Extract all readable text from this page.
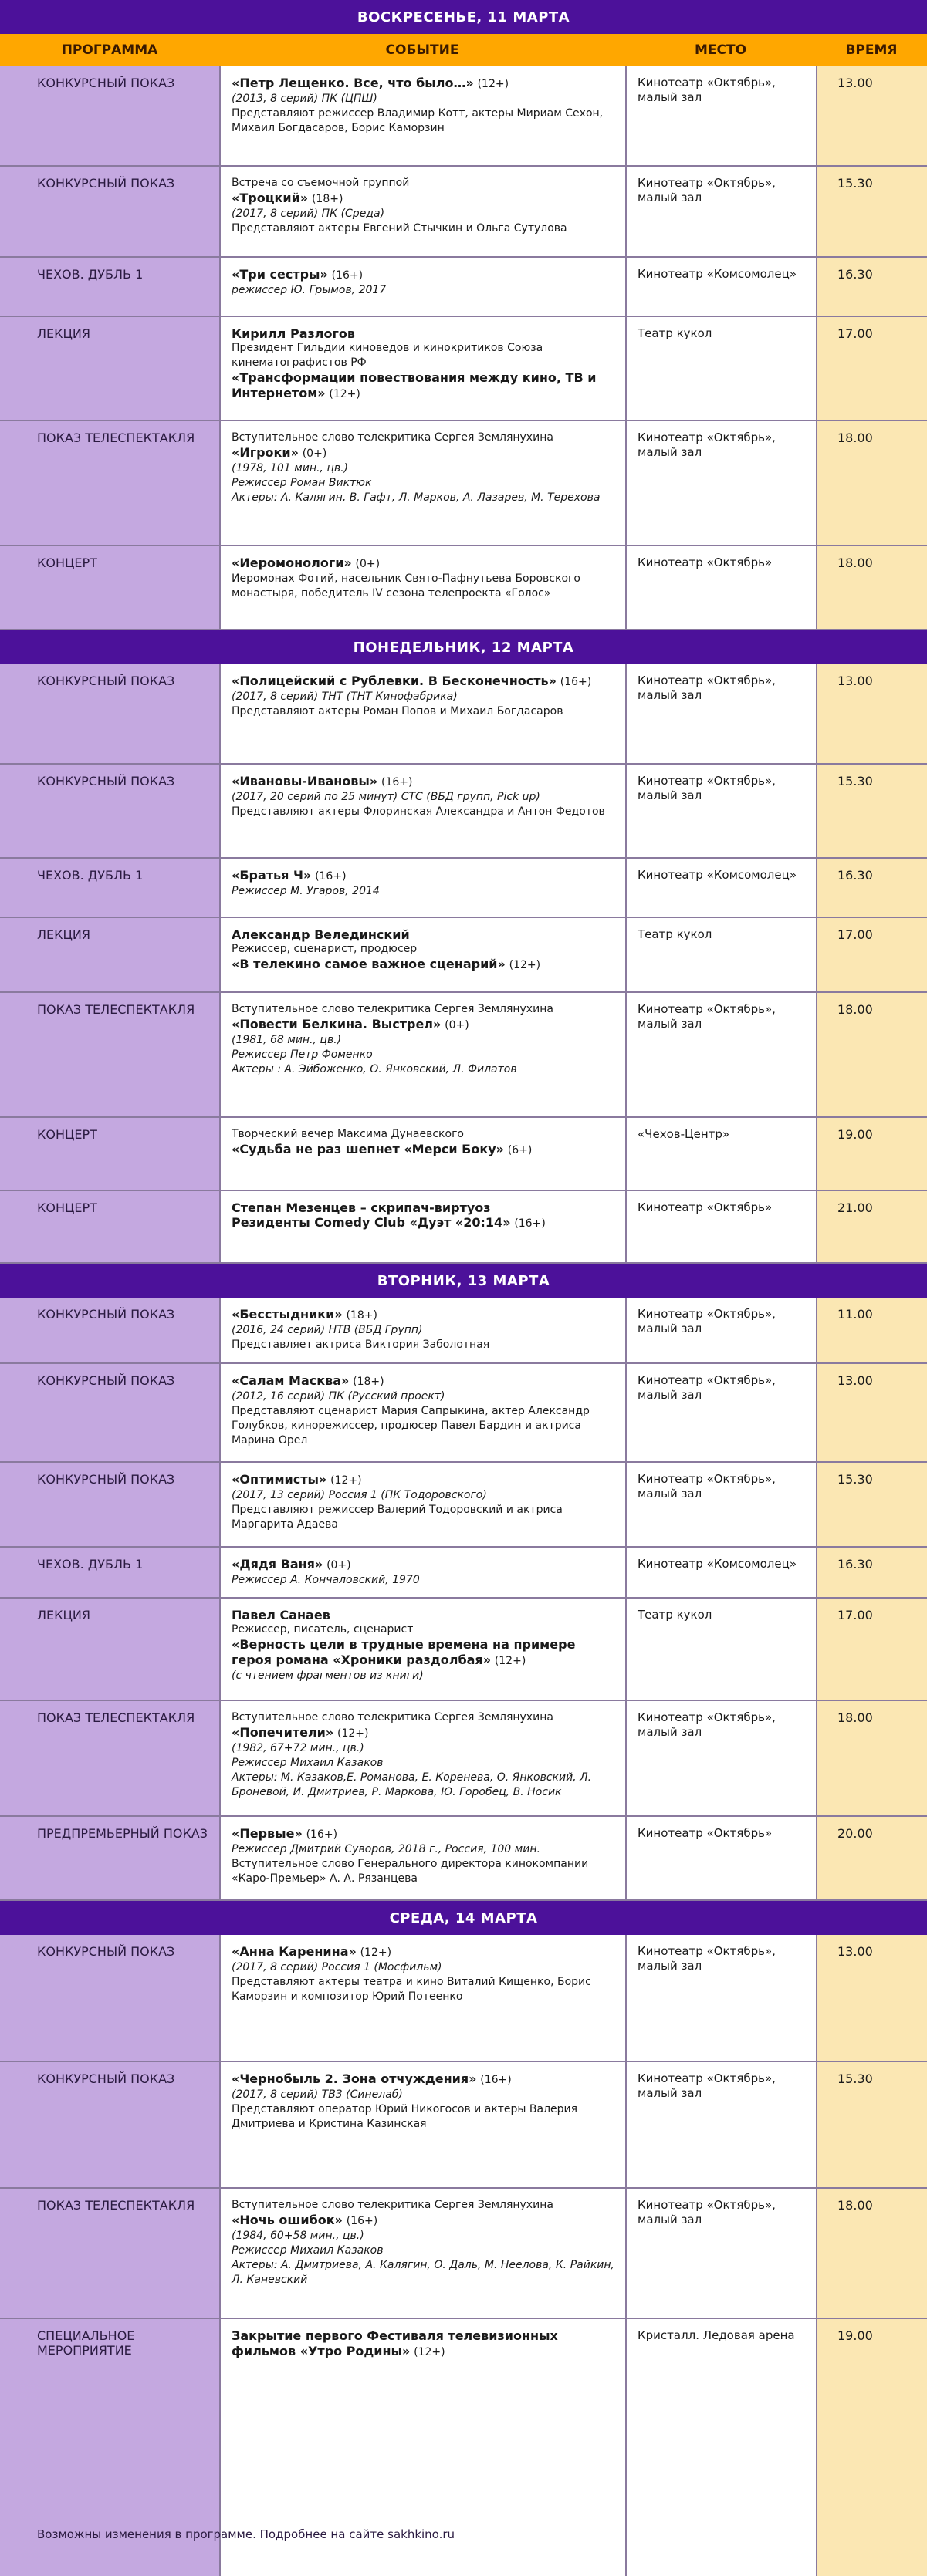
ВОСКРЕСЕНЬЕ, 11 МАРТА
ПРОГРАММА	СОБЫТИЕ	МЕСТО	ВРЕМЯ
КОНКУРСНЫЙ ПОКАЗ	«Петр Лещенко. Все, что было…» (12+)
(2013, 8 серий) ПК (ЦПШ)
Представляют режиссер Владимир Котт, актеры Мириам Сехон, Михаил Богдасаров, Борис Каморзин
Кинотеатр «Октябрь», малый зал
13.00
КОНКУРСНЫЙ ПОКАЗ	Встреча со съемочной группой
«Троцкий» (18+)
(2017, 8 серий) ПК (Среда)
Представляют актеры Евгений Стычкин и Ольга Сутулова
Кинотеатр «Октябрь», малый зал
15.30
ЧЕХОВ. ДУБЛЬ 1	«Три сестры» (16+)
режиссер Ю. Грымов, 2017
Кинотеатр «Комсомолец»	16.30
ЛЕКЦИЯ	Кирилл Разлогов
Президент Гильдии киноведов и кинокритиков Союза кинематографистов РФ
«Трансформации повествования между кино, ТВ и Интернетом» (12+)
Театр кукол	17.00
ПОКАЗ ТЕЛЕСПЕКТАКЛЯ	Вступительное слово телекритика Сергея Землянухина
«Игроки» (0+)
(1978, 101 мин., цв.)
Режиссер Роман Виктюк
Актеры: А. Калягин, В. Гафт, Л. Марков, А. Лазарев, М. Терехова
Кинотеатр «Октябрь», малый зал
18.00
КОНЦЕРТ	«Иеромонологи» (0+)
Иеромонах Фотий, насельник Свято-Пафнутьева Боровского монастыря, победитель IV сезона телепроекта «Голос»
Кинотеатр «Октябрь»	18.00
ПОНЕДЕЛЬНИК, 12 МАРТА
КОНКУРСНЫЙ ПОКАЗ	«Полицейский с Рублевки. В Бесконечность» (16+)
(2017, 8 серий) ТНТ (ТНТ Кинофабрика)
Представляют актеры Роман Попов и Михаил Богдасаров
Кинотеатр «Октябрь», малый зал
13.00
КОНКУРСНЫЙ ПОКАЗ	«Ивановы-Ивановы» (16+)
(2017, 20 серий по 25 минут) СТС (ВБД групп, Pick up)
Представляют актеры Флоринская Александра и Антон Федотов
Кинотеатр «Октябрь», малый зал
15.30
ЧЕХОВ. ДУБЛЬ 1	«Братья Ч» (16+)
Режиссер М. Угаров, 2014
Кинотеатр «Комсомолец»	16.30
ЛЕКЦИЯ	Александр Велединский
Режиссер, сценарист, продюсер
«В телекино самое важное сценарий» (12+)
Театр кукол	17.00
ПОКАЗ ТЕЛЕСПЕКТАКЛЯ	Вступительное слово телекритика Сергея Землянухина
«Повести Белкина. Выстрел» (0+)
(1981, 68 мин., цв.)
Режиссер Петр Фоменко
Актеры : А. Эйбоженко, О. Янковский, Л. Филатов
Кинотеатр «Октябрь», малый зал
18.00
КОНЦЕРТ	Творческий вечер Максима Дунаевского
«Судьба не раз шепнет «Мерси Боку» (6+)
«Чехов-Центр»	19.00
КОНЦЕРТ	Степан Мезенцев – скрипач-виртуоз
Резиденты Comedy Club «Дуэт «20:14» (16+)
Кинотеатр «Октябрь»	21.00
ВТОРНИК, 13 МАРТА
КОНКУРСНЫЙ ПОКАЗ	«Бесстыдники» (18+)
(2016, 24 серий) НТВ (ВБД Групп)
Представляет актриса Виктория Заболотная
Кинотеатр «Октябрь», малый зал
11.00
КОНКУРСНЫЙ ПОКАЗ	«Салам Масква» (18+)
(2012, 16 серий) ПК (Русский проект)
Представляют сценарист Мария Сапрыкина, актер Александр Голубков, кинорежиссер, продюсер Павел Бардин и актриса Марина Орел
Кинотеатр «Октябрь», малый зал
13.00
КОНКУРСНЫЙ ПОКАЗ	«Оптимисты» (12+)
(2017, 13 серий) Россия 1 (ПК Тодоровского)
Представляют режиссер Валерий Тодоровский и актриса Маргарита Адаева
Кинотеатр «Октябрь», малый зал
15.30
ЧЕХОВ. ДУБЛЬ 1	«Дядя Ваня» (0+)
Режиссер А. Кончаловский, 1970
Кинотеатр «Комсомолец»	16.30
ЛЕКЦИЯ	Павел Санаев
Режиссер, писатель, сценарист
«Верность цели в трудные времена на примере героя романа «Хроники раздолбая» (12+)
(с чтением фрагментов из книги)
Театр кукол	17.00
ПОКАЗ ТЕЛЕСПЕКТАКЛЯ	Вступительное слово телекритика Сергея Землянухина
«Попечители» (12+)
(1982, 67+72 мин., цв.)
Режиссер Михаил Казаков
Актеры: М. Казаков,Е. Романова, Е. Коренева, О. Янковский, Л. Броневой, И. Дмитриев, Р. Маркова, Ю. Горобец, В. Носик
Кинотеатр «Октябрь», малый зал
18.00
ПРЕДПРЕМЬЕРНЫЙ ПОКАЗ	«Первые» (16+)
Режиссер Дмитрий Суворов, 2018 г., Россия, 100 мин.
Вступительное слово Генерального директора кинокомпании «Каро-Премьер» А. А. Рязанцева
Кинотеатр «Октябрь»	20.00
СРЕДА, 14 МАРТА
КОНКУРСНЫЙ ПОКАЗ	«Анна Каренина» (12+)
(2017, 8 серий) Россия 1 (Мосфильм)
Представляют актеры театра и кино Виталий Кищенко, Борис Каморзин и композитор Юрий Потеенко
Кинотеатр «Октябрь», малый зал
13.00
КОНКУРСНЫЙ ПОКАЗ	«Чернобыль 2. Зона отчуждения» (16+)
(2017, 8 серий) ТВ3 (Синелаб)
Представляют оператор Юрий Никогосов и актеры Валерия Дмитриева и Кристина Казинская
Кинотеатр «Октябрь», малый зал
15.30
ПОКАЗ ТЕЛЕСПЕКТАКЛЯ	Вступительное слово телекритика Сергея Землянухина
«Ночь ошибок» (16+)
(1984, 60+58 мин., цв.)
Режиссер Михаил Казаков
Актеры: А. Дмитриева, А. Калягин, О. Даль, М. Неелова, К. Райкин, Л. Каневский
Кинотеатр «Октябрь», малый зал
18.00
СПЕЦИАЛЬНОЕ МЕРОПРИЯТИЕ
Закрытие первого Фестиваля телевизионных фильмов «Утро Родины» (12+)
Кристалл. Ледовая арена	19.00
Возможны изменения в программе. Подробнее на сайте sakhkino.ru
